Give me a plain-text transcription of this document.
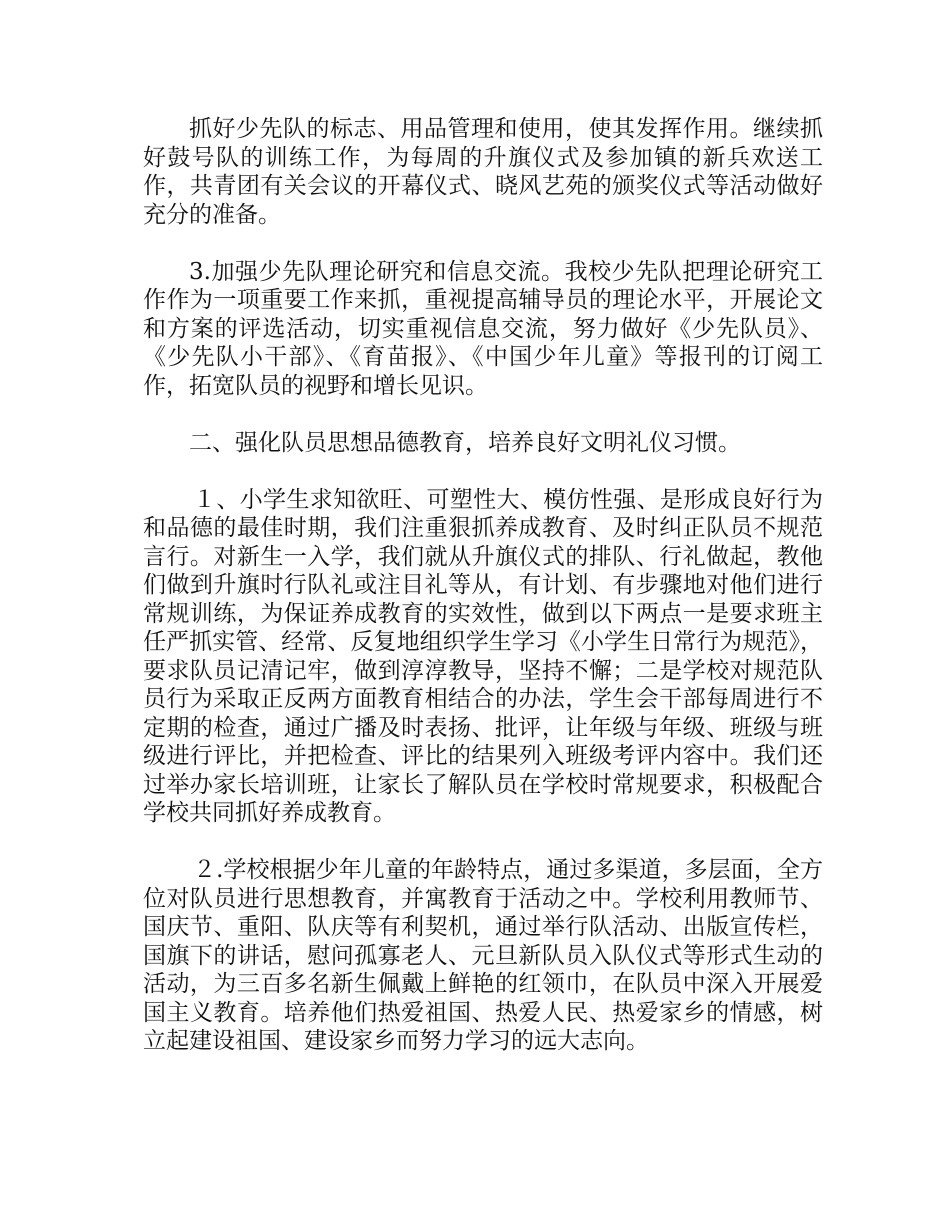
抓好少先队的标志、用品管理和使用，使其发挥作用。继续抓好鼓号队的训练工作，为每周的升旗仪式及参加镇的新兵欢送工作，共青团有关会议的开幕仪式、晓风艺苑的颁奖仪式等活动做好充分的准备。

3.加强少先队理论研究和信息交流。我校少先队把理论研究工作作为一项重要工作来抓，重视提高辅导员的理论水平，开展论文和方案的评选活动，切实重视信息交流，努力做好《少先队员》、《少先队小干部》、《育苗报》、《中国少年儿童》等报刊的订阅工作，拓宽队员的视野和增长见识。

二、强化队员思想品德教育，培养良好文明礼仪习惯。

１、小学生求知欲旺、可塑性大、模仿性强、是形成良好行为和品德的最佳时期，我们注重狠抓养成教育、及时纠正队员不规范言行。对新生一入学，我们就从升旗仪式的排队、行礼做起，教他们做到升旗时行队礼或注目礼等从，有计划、有步骤地对他们进行常规训练，为保证养成教育的实效性，做到以下两点一是要求班主任严抓实管、经常、反复地组织学生学习《小学生日常行为规范》，要求队员记清记牢，做到淳淳教导，坚持不懈；二是学校对规范队员行为采取正反两方面教育相结合的办法，学生会干部每周进行不定期的检查，通过广播及时表扬、批评，让年级与年级、班级与班级进行评比，并把检查、评比的结果列入班级考评内容中。我们还过举办家长培训班，让家长了解队员在学校时常规要求，积极配合学校共同抓好养成教育。

２.学校根据少年儿童的年龄特点，通过多渠道，多层面，全方位对队员进行思想教育，并寓教育于活动之中。学校利用教师节、国庆节、重阳、队庆等有利契机，通过举行队活动、出版宣传栏，国旗下的讲话，慰问孤寡老人、元旦新队员入队仪式等形式生动的活动，为三百多名新生佩戴上鲜艳的红领巾，在队员中深入开展爱国主义教育。培养他们热爱祖国、热爱人民、热爱家乡的情感，树立起建设祖国、建设家乡而努力学习的远大志向。
